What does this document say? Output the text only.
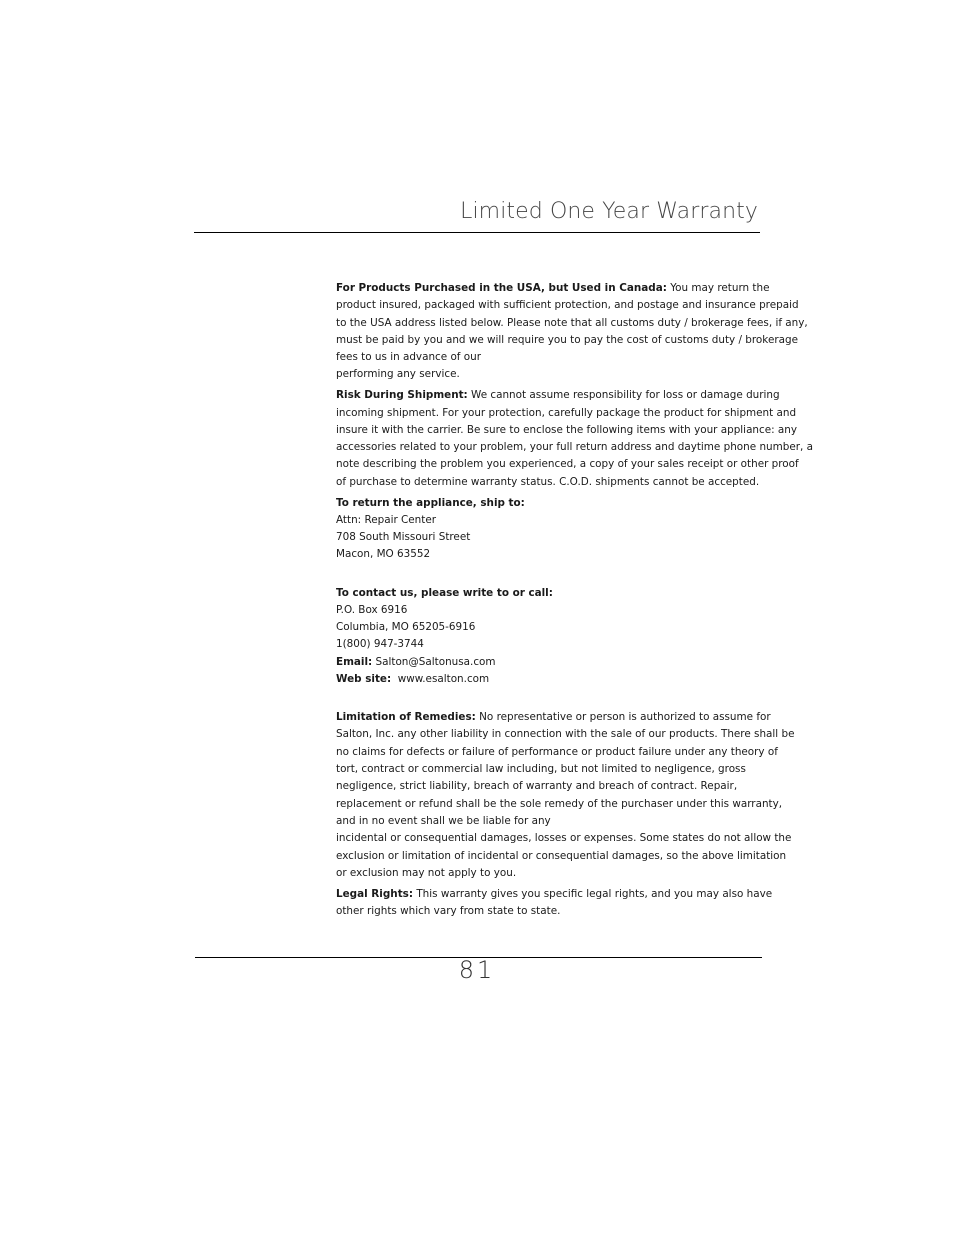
Limited One Year Warranty

For Products Purchased in the USA, but Used in Canada: You may return the
product insured, packaged with sufficient protection, and postage and insurance prepaid
to the USA address listed below. Please note that all customs duty / brokerage fees, if any,
must be paid by you and we will require you to pay the cost of customs duty / brokerage
fees to us in advance of our
performing any service.

Risk During Shipment: We cannot assume responsibility for loss or damage during
incoming shipment. For your protection, carefully package the product for shipment and
insure it with the carrier. Be sure to enclose the following items with your appliance: any
accessories related to your problem, your full return address and daytime phone number, a
note describing the problem you experienced, a copy of your sales receipt or other proof
of purchase to determine warranty status. C.O.D. shipments cannot be accepted.

To return the appliance, ship to:
Attn: Repair Center
708 South Missouri Street
Macon, MO 63552

To contact us, please write to or call:
P.O. Box 6916
Columbia, MO 65205-6916
1(800) 947-3744
Email: Salton@Saltonusa.com
Web site: www.esalton.com

Limitation of Remedies: No representative or person is authorized to assume for
Salton, Inc. any other liability in connection with the sale of our products. There shall be
no claims for defects or failure of performance or product failure under any theory of
tort, contract or commercial law including, but not limited to negligence, gross
negligence, strict liability, breach of warranty and breach of contract. Repair,
replacement or refund shall be the sole remedy of the purchaser under this warranty,
and in no event shall we be liable for any
incidental or consequential damages, losses or expenses. Some states do not allow the
exclusion or limitation of incidental or consequential damages, so the above limitation
or exclusion may not apply to you.

Legal Rights: This warranty gives you specific legal rights, and you may also have
other rights which vary from state to state.

81
